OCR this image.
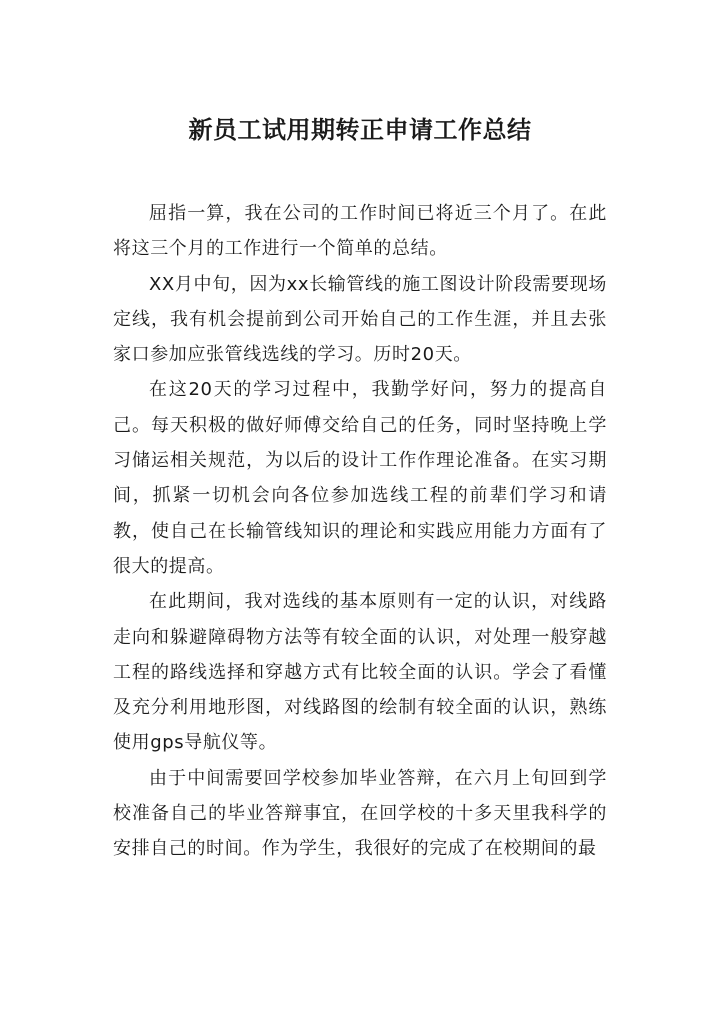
新员工试用期转正申请工作总结

屈指一算，我在公司的工作时间已将近三个月了。在此将这三个月的工作进行一个简单的总结。

XX月中旬，因为xx长输管线的施工图设计阶段需要现场定线，我有机会提前到公司开始自己的工作生涯，并且去张家口参加应张管线选线的学习。历时20天。

在这20天的学习过程中，我勤学好问，努力的提高自己。每天积极的做好师傅交给自己的任务，同时坚持晚上学习储运相关规范，为以后的设计工作作理论准备。在实习期间，抓紧一切机会向各位参加选线工程的前辈们学习和请教，使自己在长输管线知识的理论和实践应用能力方面有了很大的提高。

在此期间，我对选线的基本原则有一定的认识，对线路走向和躲避障碍物方法等有较全面的认识，对处理一般穿越工程的路线选择和穿越方式有比较全面的认识。学会了看懂及充分利用地形图，对线路图的绘制有较全面的认识，熟练使用gps导航仪等。

由于中间需要回学校参加毕业答辩，在六月上旬回到学校准备自己的毕业答辩事宜，在回学校的十多天里我科学的安排自己的时间。作为学生，我很好的完成了在校期间的最
